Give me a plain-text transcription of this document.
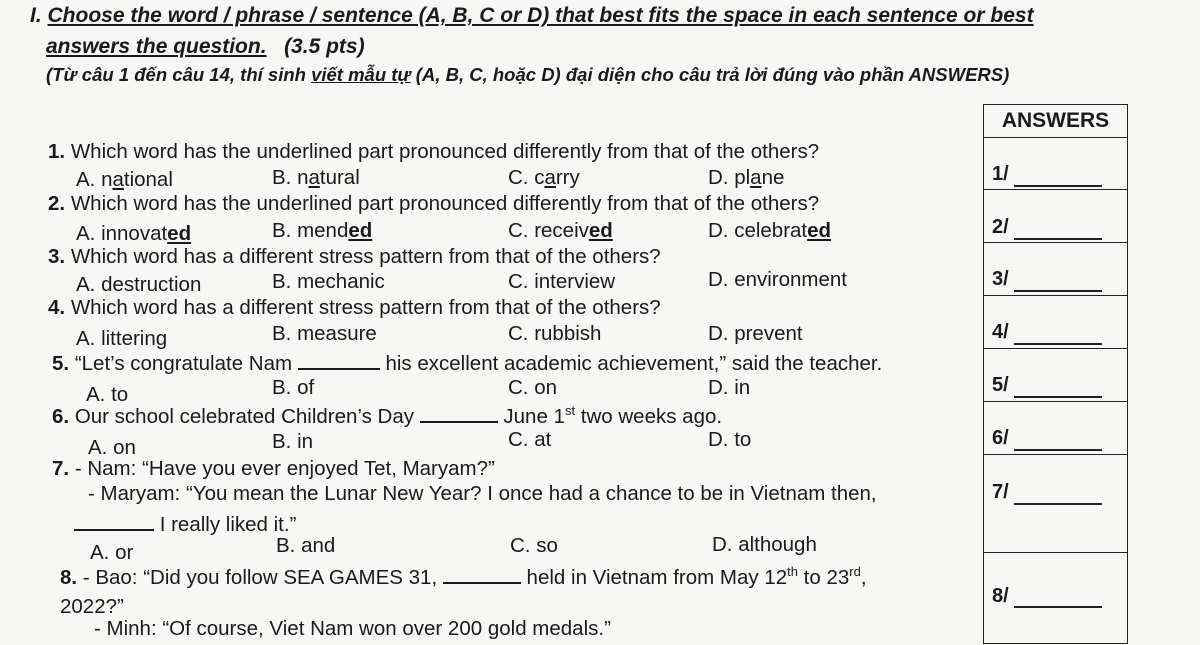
I. Choose the word / phrase / sentence (A, B, C or D) that best fits the space in each sentence or best
answers the question.   (3.5 pts)
(Từ câu 1 đến câu 14, thí sinh viết mẫu tự (A, B, C, hoặc D) đại diện cho câu trả lời đúng vào phần ANSWERS)
ANSWERS
1/
2/
3/
4/
5/
6/
7/
8/
1. Which word has the underlined part pronounced differently from that of the others?
A. national	B. natural	C. carry	D. plane
2. Which word has the underlined part pronounced differently from that of the others?
A. innovated	B. mended	C. received	D. celebrated
3. Which word has a different stress pattern from that of the others?
A. destruction	B. mechanic	C. interview	D. environment
4. Which word has a different stress pattern from that of the others?
A. littering	B. measure	C. rubbish	D. prevent
5. “Let’s congratulate Nam	his excellent academic achievement,” said the teacher.
A. to	B. of	C. on	D. in
6. Our school celebrated Children’s Day	June 1st two weeks ago.
A. on	B. in	C. at	D. to
7. - Nam: “Have you ever enjoyed Tet, Maryam?”
- Maryam: “You mean the Lunar New Year? I once had a chance to be in Vietnam then,
I really liked it.”
A. or	B. and	C. so	D. although
8. - Bao: “Did you follow SEA GAMES 31,	held in Vietnam from May 12th to 23rd,
2022?”
- Minh: “Of course, Viet Nam won over 200 gold medals.”
